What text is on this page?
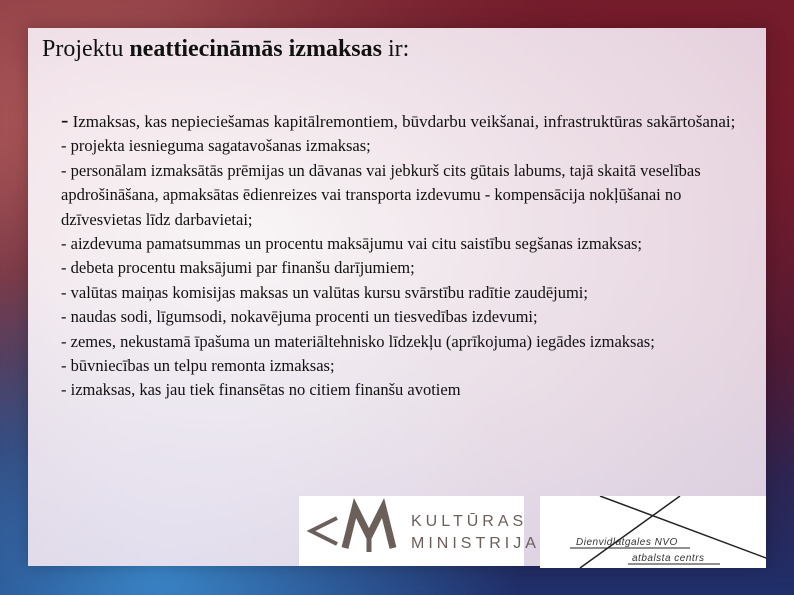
Projektu neattiecināmās izmaksas ir:
- Izmaksas, kas nepieciešamas kapitālremontiem, būvdarbu veikšanai, infrastruktūras sakārtošanai;
- projekta iesnieguma sagatavošanas izmaksas;
- personālam izmaksātās prēmijas un dāvanas vai jebkurš cits gūtais labums, tajā skaitā veselības apdrošināšana, apmaksātas ēdienreizes vai transporta izdevumu - kompensācija nokļūšanai no dzīvesvietas līdz darbavietai;
- aizdevuma pamatsummas un procentu maksājumu vai citu saistību segšanas izmaksas;
- debeta procentu maksājumi par finanšu darījumiem;
- valūtas maiņas komisijas maksas un valūtas kursu svārstību radītie zaudējumi;
- naudas sodi, līgumsodi, nokavējuma procenti un tiesvedības izdevumi;
- zemes, nekustamā īpašuma un materiāltehnisko līdzekļu (aprīkojuma) iegādes izmaksas;
- būvniecības un telpu remonta izmaksas;
- izmaksas, kas jau tiek finansētas no citiem finanšu avotiem
KULTŪRAS
MINISTRIJA	Dienvidlatgales NVO
atbalsta centrs
